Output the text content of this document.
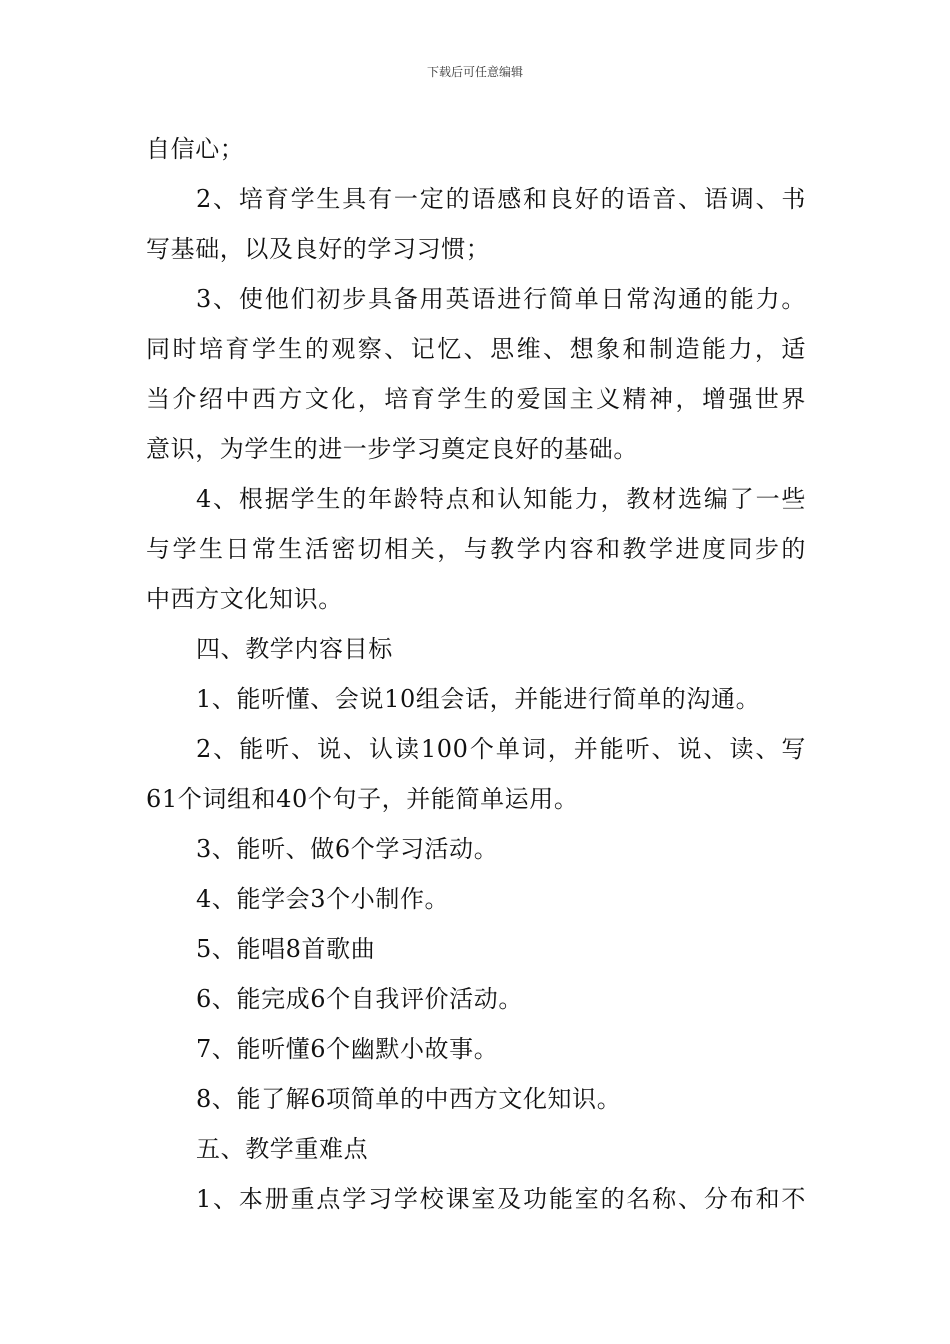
下载后可任意编辑
自信心；
2、培育学生具有一定的语感和良好的语音、语调、书
写基础，以及良好的学习习惯；
3、使他们初步具备用英语进行简单日常沟通的能力。
同时培育学生的观察、记忆、思维、想象和制造能力，适
当介绍中西方文化，培育学生的爱国主义精神，增强世界
意识，为学生的进一步学习奠定良好的基础。
4、根据学生的年龄特点和认知能力，教材选编了一些
与学生日常生活密切相关，与教学内容和教学进度同步的
中西方文化知识。
四、教学内容目标
1、能听懂、会说10组会话，并能进行简单的沟通。
2、能听、说、认读100个单词，并能听、说、读、写
61个词组和40个句子，并能简单运用。
3、能听、做6个学习活动。
4、能学会3个小制作。
5、能唱8首歌曲
6、能完成6个自我评价活动。
7、能听懂6个幽默小故事。
8、能了解6项简单的中西方文化知识。
五、教学重难点
1、本册重点学习学校课室及功能室的名称、分布和不
